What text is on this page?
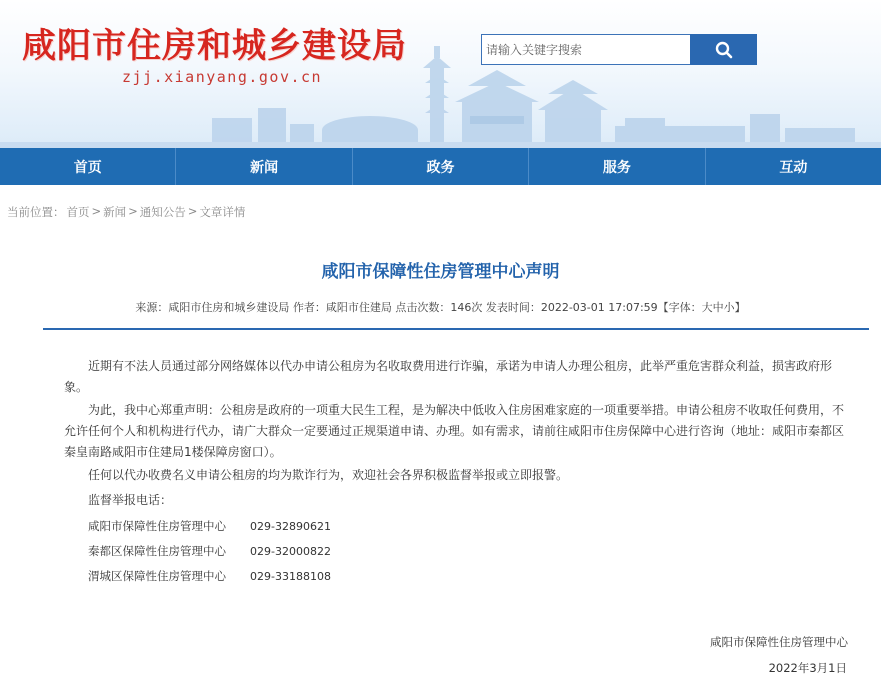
咸阳市住房和城乡建设局
zjj.xianyang.gov.cn
请输入关键字搜索
首页	新闻	政务	服务	互动
当前位置： 首页 > 新闻 > 通知公告 > 文章详情
咸阳市保障性住房管理中心声明
来源：咸阳市住房和城乡建设局 作者：咸阳市住建局 点击次数：146次 发表时间：2022-03-01 17:07:59【字体：大中小】

近期有不法人员通过部分网络媒体以代办申请公租房为名收取费用进行诈骗，承诺为申请人办理公租房，此举严重危害群众利益，损害政府形象。

为此，我中心郑重声明：公租房是政府的一项重大民生工程，是为解决中低收入住房困难家庭的一项重要举措。申请公租房不收取任何费用，不允许任何个人和机构进行代办，请广大群众一定要通过正规渠道申请、办理。如有需求，请前往咸阳市住房保障中心进行咨询（地址：咸阳市秦都区秦皇南路咸阳市住建局1楼保障房窗口）。

任何以代办收费名义申请公租房的均为欺诈行为，欢迎社会各界积极监督举报或立即报警。

监督举报电话：
咸阳市保障性住房管理中心	029-32890621
秦都区保障性住房管理中心	029-32000822
渭城区保障性住房管理中心	029-33188108
咸阳市保障性住房管理中心
2022年3月1日
